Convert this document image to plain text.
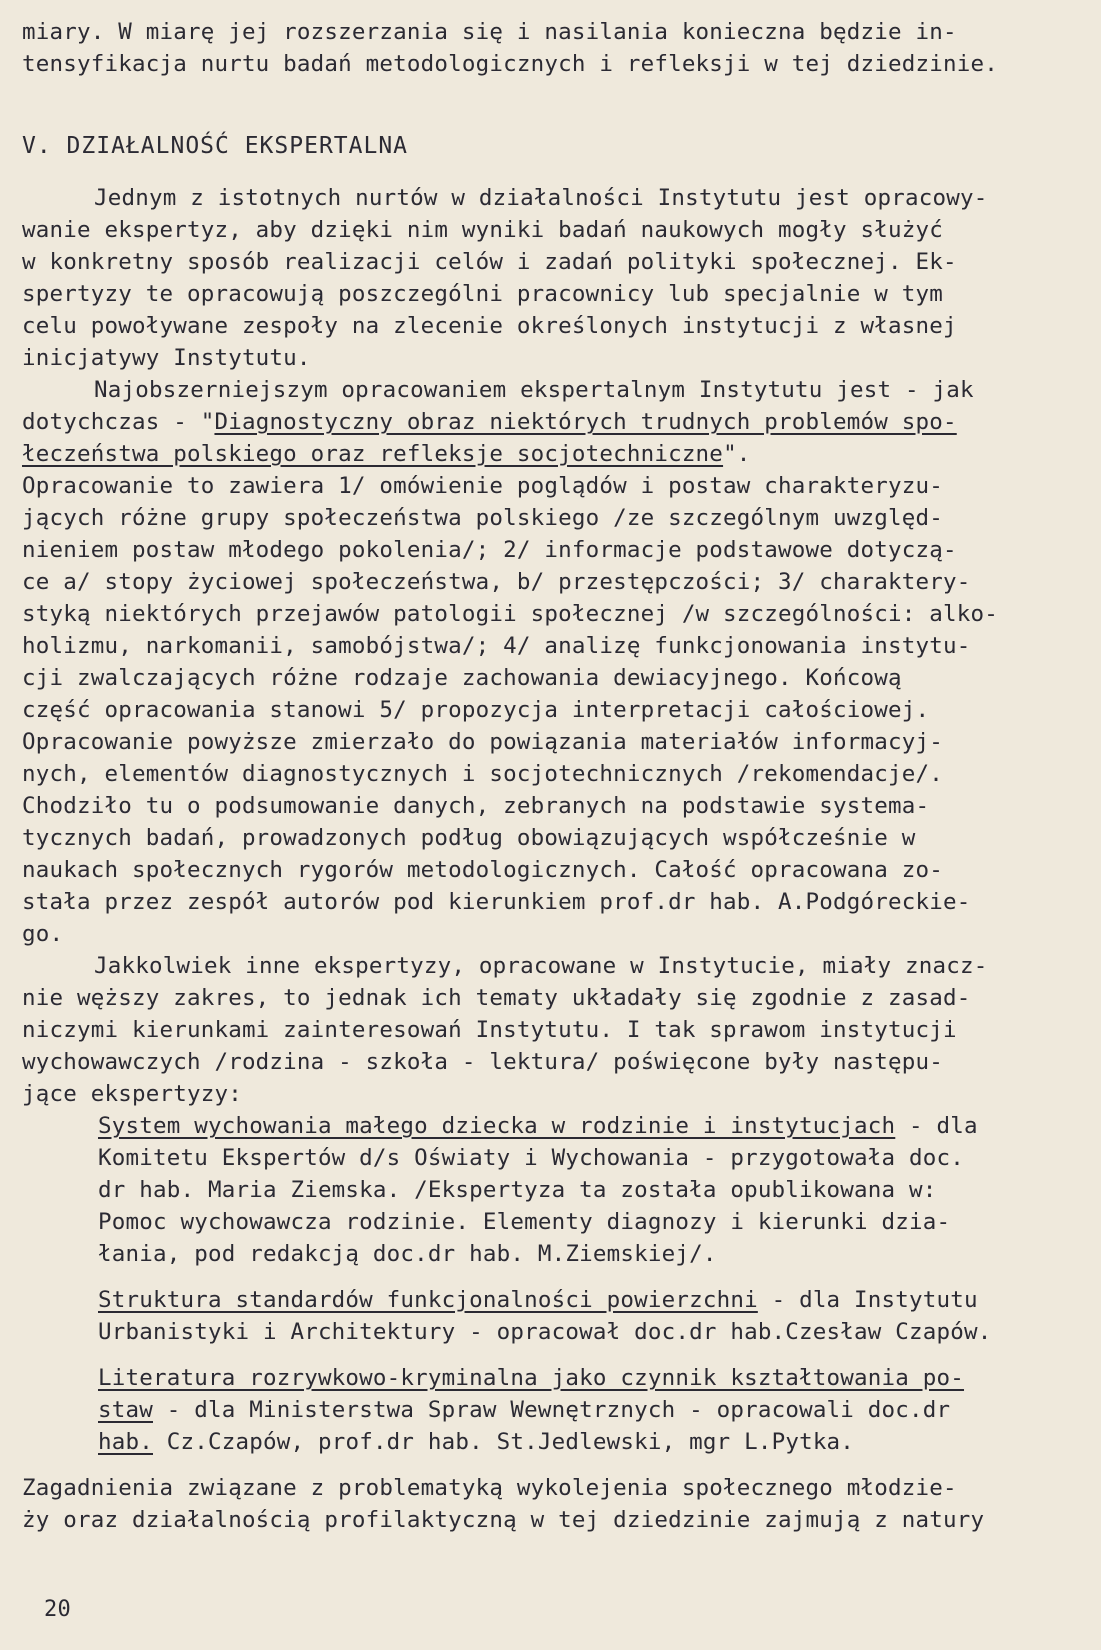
miary. W miarę jej rozszerzania się i nasilania konieczna będzie in-
tensyfikacja nurtu badań metodologicznych i refleksji w tej dziedzinie.
V. DZIAŁALNOŚĆ EKSPERTALNA
Jednym z istotnych nurtów w działalności Instytutu jest opracowy-
wanie ekspertyz, aby dzięki nim wyniki badań naukowych mogły służyć
w konkretny sposób realizacji celów i zadań polityki społecznej. Ek-
spertyzy te opracowują poszczególni pracownicy lub specjalnie w tym
celu powoływane zespoły na zlecenie określonych instytucji z własnej
inicjatywy Instytutu.
Najobszerniejszym opracowaniem ekspertalnym Instytutu jest - jak
dotychczas - "Diagnostyczny obraz niektórych trudnych problemów spo-
łeczeństwa polskiego oraz refleksje socjotechniczne".
Opracowanie to zawiera 1/ omówienie poglądów i postaw charakteryzu-
jących różne grupy społeczeństwa polskiego /ze szczególnym uwzględ-
nieniem postaw młodego pokolenia/; 2/ informacje podstawowe dotyczą-
ce a/ stopy życiowej społeczeństwa, b/ przestępczości; 3/ charaktery-
styką niektórych przejawów patologii społecznej /w szczególności: alko-
holizmu, narkomanii, samobójstwa/; 4/ analizę funkcjonowania instytu-
cji zwalczających różne rodzaje zachowania dewiacyjnego. Końcową
część opracowania stanowi 5/ propozycja interpretacji całościowej.
Opracowanie powyższe zmierzało do powiązania materiałów informacyj-
nych, elementów diagnostycznych i socjotechnicznych /rekomendacje/.
Chodziło tu o podsumowanie danych, zebranych na podstawie systema-
tycznych badań, prowadzonych podług obowiązujących współcześnie w
naukach społecznych rygorów metodologicznych. Całość opracowana zo-
stała przez zespół autorów pod kierunkiem prof.dr hab. A.Podgóreckie-
go.
Jakkolwiek inne ekspertyzy, opracowane w Instytucie, miały znacz-
nie węższy zakres, to jednak ich tematy układały się zgodnie z zasad-
niczymi kierunkami zainteresowań Instytutu. I tak sprawom instytucji
wychowawczych /rodzina - szkoła - lektura/ poświęcone były następu-
jące ekspertyzy:
System wychowania małego dziecka w rodzinie i instytucjach - dla
Komitetu Ekspertów d/s Oświaty i Wychowania - przygotowała doc.
dr hab. Maria Ziemska. /Ekspertyza ta została opublikowana w:
Pomoc wychowawcza rodzinie. Elementy diagnozy i kierunki dzia-
łania, pod redakcją doc.dr hab. M.Ziemskiej/.
Struktura standardów funkcjonalności powierzchni - dla Instytutu
Urbanistyki i Architektury - opracował doc.dr hab.Czesław Czapów.
Literatura rozrywkowo-kryminalna jako czynnik kształtowania po-
staw - dla Ministerstwa Spraw Wewnętrznych - opracowali doc.dr
hab. Cz.Czapów, prof.dr hab. St.Jedlewski, mgr L.Pytka.
Zagadnienia związane z problematyką wykolejenia społecznego młodzie-
ży oraz działalnością profilaktyczną w tej dziedzinie zajmują z natury
20
